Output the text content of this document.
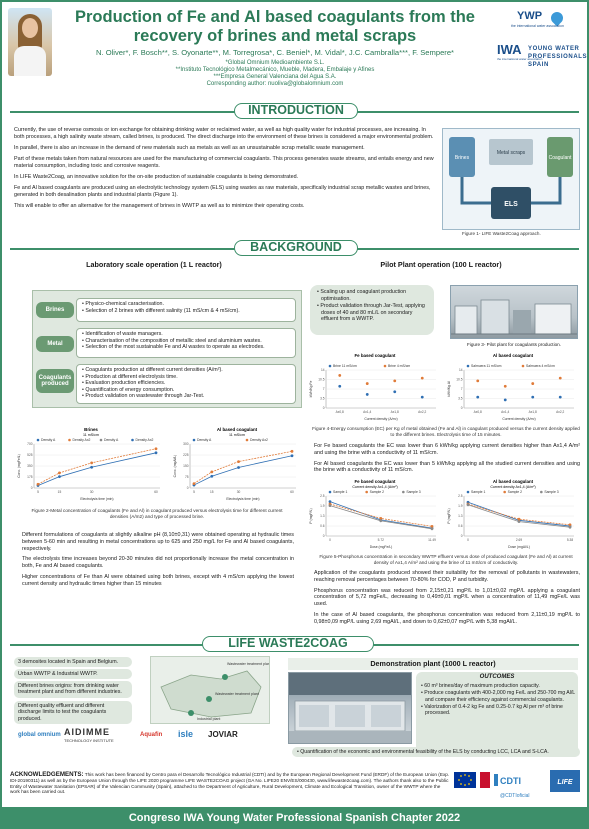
Production of Fe and Al based coagulants from the
recovery of brines and metal scraps
N. Oliver*, F. Bosch**, S. Oyonarte**, M. Torregrosa*, C. Beniel*, M. Vidal*, J.C. Cambralla***, F. Sempere*
*Global Omnium Medioambiente S.L.
**Instituto Tecnológico Metalmecánico, Mueble, Madera, Embalaje y Afines
***Empresa General Valenciana del Agua S.A.
Corresponding author: nuoliva@globalomnium.com
YWP
the international water association
IWA
the international water association
YOUNG WATER
PROFESSIONALS
SPAIN
INTRODUCTION

Currently, the use of reverse osmosis or ion exchange for obtaining drinking water or reclaimed water, as well as high quality water for industrial processes, are increasing. In both processes, a high salinity waste stream, called brines, is produced. The direct discharge into the environment of these brines is considered a major environmental problem.

In parallel, there is also an increase in the demand of new materials such as metals as well as an unsustainable scrap metallic waste management.

Part of these metals taken from natural resources are used for the manufacturing of commercial coagulants. This process generates waste streams, and entails energy and new material consumption, including toxic and corrosive reagents.

In LIFE Waste2Coag, an innovative solution for the on-site production of sustainable coagulants is being demonstrated.

Fe and Al based coagulants are produced using an electrolytic technology system (ELS) using wastes as raw materials, specifically industrial scrap metallic wastes and brines, generated in both desalination plants and industrial plants (Figure 1).

This will enable to offer an alternative for the management of brines in WWTP as well as to minimize their operating costs.

Brines
Metal scraps
ELS
Coagulant
Figure 1- LIFE Waste2Coag approach.
BACKGROUND
Laboratory scale operation (1 L reactor)	Pilot Plant operation (100 L reactor)
Brines
• Physico-chemical caracterisation.
• Selection of 2 brines with different salinity (11 mS/cm & 4 mS/cm).
Metal
• Identification of waste managers.
• Characterisation of the composition of metallic steel and aluminium wastes.
• Selection of the most sustainable Fe and Al wastes to operate as electrodes.
Coagulants produced
• Coagulants production at different current densities (A/m²).
• Production at different electrolysis time.
• Evaluation production efficiencies.
• Quantification of energy consumption.
• Product validation on wastewater through Jar-Test.
Brines
11 mS/cm
Density A	Density Ax2	Density A	Density Ax2
0
175
350
525
700
Conc. (mgFe/L)
Electrolysis time (min)
5	15	30	60
Al based coagulant
11 mS/cm
Density A	Density Ax2
0
75
150
225
300
Conc. (mgAl/L)
Electrolysis time (min)
5	15	30	60
Figure 2-Metal concentration of coagulants (Fe and Al) in coagulant produced versus electrolysis time for different current densities (A/m2) and type of processed brine.

Different formulations of coagulants at slightly alkaline pH (8,10±0,31) were obtained operating at hydraulic times between 5-60 min and resulting in metal concentrations up to 625 and 250 mg/L for Fe and Al based coagulants, respectively.

The electrolysis time increases beyond 20-30 minutes did not proportionally increase the metal concentration in both, Fe and Al based coagulants.

Higher concentrations of Fe than Al were obtained using both brines, except with 4 mS/cm applying the lowest current density and hydraulic times higher than 15 minutes

• Scaling up and coagulant production optimisation.
• Product validation through Jar-Test, applying doses of 40 and 80 mL/L on secondary effluent from a WWTP.
Figure 3- Pilot plant for coagulants production.
Fe based coagulant
Brine 11 mS/cm	Brine 4 mS/cm
0
3.5
7
10.5
14
kWh/Kg Fe
Current density (A/m²)
Ax0,8	Ax1,4	Ax1,8	Ax2,2
Al based coagulant
Salmuera 11 mS/cm	Salmuera 4 mS/cm
0
3.5
7
10.5
14
kWh/Kg Al
Current density (A/m²)
Ax0,8	Ax1,4	Ax1,8	Ax2,2
Figure 4-Energy consumption (EC) per Kg of metal obtained (Fe and Al) in coagulant produced versus the current density applied to the different brines. Electrolysis time of 15 minutes.

For Fe based coagulants the EC was lower than 6 kWh/kg applying current densities higher than Ax1,4 A/m² and using the brine with a conductivity of 11 mS/cm.

For Al based coagulants the EC was lower than 5 kWh/kg applying all the studied current densities and using the brine with a conductivity of 11 mS/cm.

Fe based coagulant
Current density Ax1,4 (A/m²)
Sample 1	Sample 2	Sample 3
0
0.6
1.3
1.9
2.5
P (mgP/L)
Dose (mgFe/L)
0	5.72	11.49
Al based coagulant
Current density Ax1,4 (A/m²)
Sample 1	Sample 2	Sample 3
0
0.6
1.3
1.9
2.5
P (mgP/L)
Dose (mgAl/L)
0	2.69	5.38
Figure 5-Phosphorus concentration in secondary WWTP effluent versus dose of produced coagulant (Fe and Al) at current density of Ax1,4 A/m² and using the brine of 11 mS/cm of conductivity.

Application of the coagulants produced showed their suitability for the removal of pollutants in wastewaters, reaching removal percentages between 70-80% for COD, P and turbidity.

Phosphorus concentration was reduced from 2,15±0,21 mgP/L to 1,01±0,02 mgP/L applying a coagulant concentration of 5,72 mgFe/L, decreasing to 0,49±0,01 mgP/L when a concentration of 11,49 mgFe/L was used.

In the case of Al based coagulants, the phosphorus concentration was reduced from 2,11±0,19 mgP/L to 0,98±0,09 mgP/L using 2,69 mgAl/L, and down to 0,62±0,07 mgP/L with 5,38 mgAl/L.

LIFE WASTE2COAG
3 demosites located in Spain and Belgium.
Urban WWTP & Industrial WWTP.
Different brines origins: from drinking water treatment plant and from different industries.
Different quality effluent and different discharge limits to test the coagulants produced.
Wastewater treatment plant
Wastewater treatment plant
Industrial plant
global omnium AIDIMME
TECHNOLOGY INSTITUTE
Aquafin isle JOVIAR
Demonstration plant (1000 L reactor)
OUTCOMES
• 60 m³ brines/day of maximum production capacity.
• Produce coagulants with 400-2,000 mg Fe/L and 250-700 mg Al/L and compare their efficiency against commercial coagulants.
• Valorization of 0.4-2 kg Fe and 0.25-0.7 kg Al per m³ of brine processed.
• Quantification of the economic and environmental feasibility of the ELS by conducting LCC, LCA and S-LCA.
ACKNOWLEDGEMENTS: This work has been financed by Centro para el Desarrollo Tecnológico Industrial (CDTI) and by the European Regional Development Fund (ERDF) of the European Union (Exp. IDI-20190311) as well as by the European Union through the LIFE 2020 programme LIFE WASTE2COAG project (GA No. LIFE20 ENV/ES/000430, www.lifewaste2coag.com). The authors thank also to the Public Entity of Wastewater Sanitation (EPSAR) of the Valencian Community (Spain), attached to the Department of Agriculture, Rural Development, Climate and Ecological Transition, owner of the WWTP where the work has been carried out.
CDTI	LIFE
@CDTIoficial
Congreso IWA Young Water Professional Spanish Chapter 2022
